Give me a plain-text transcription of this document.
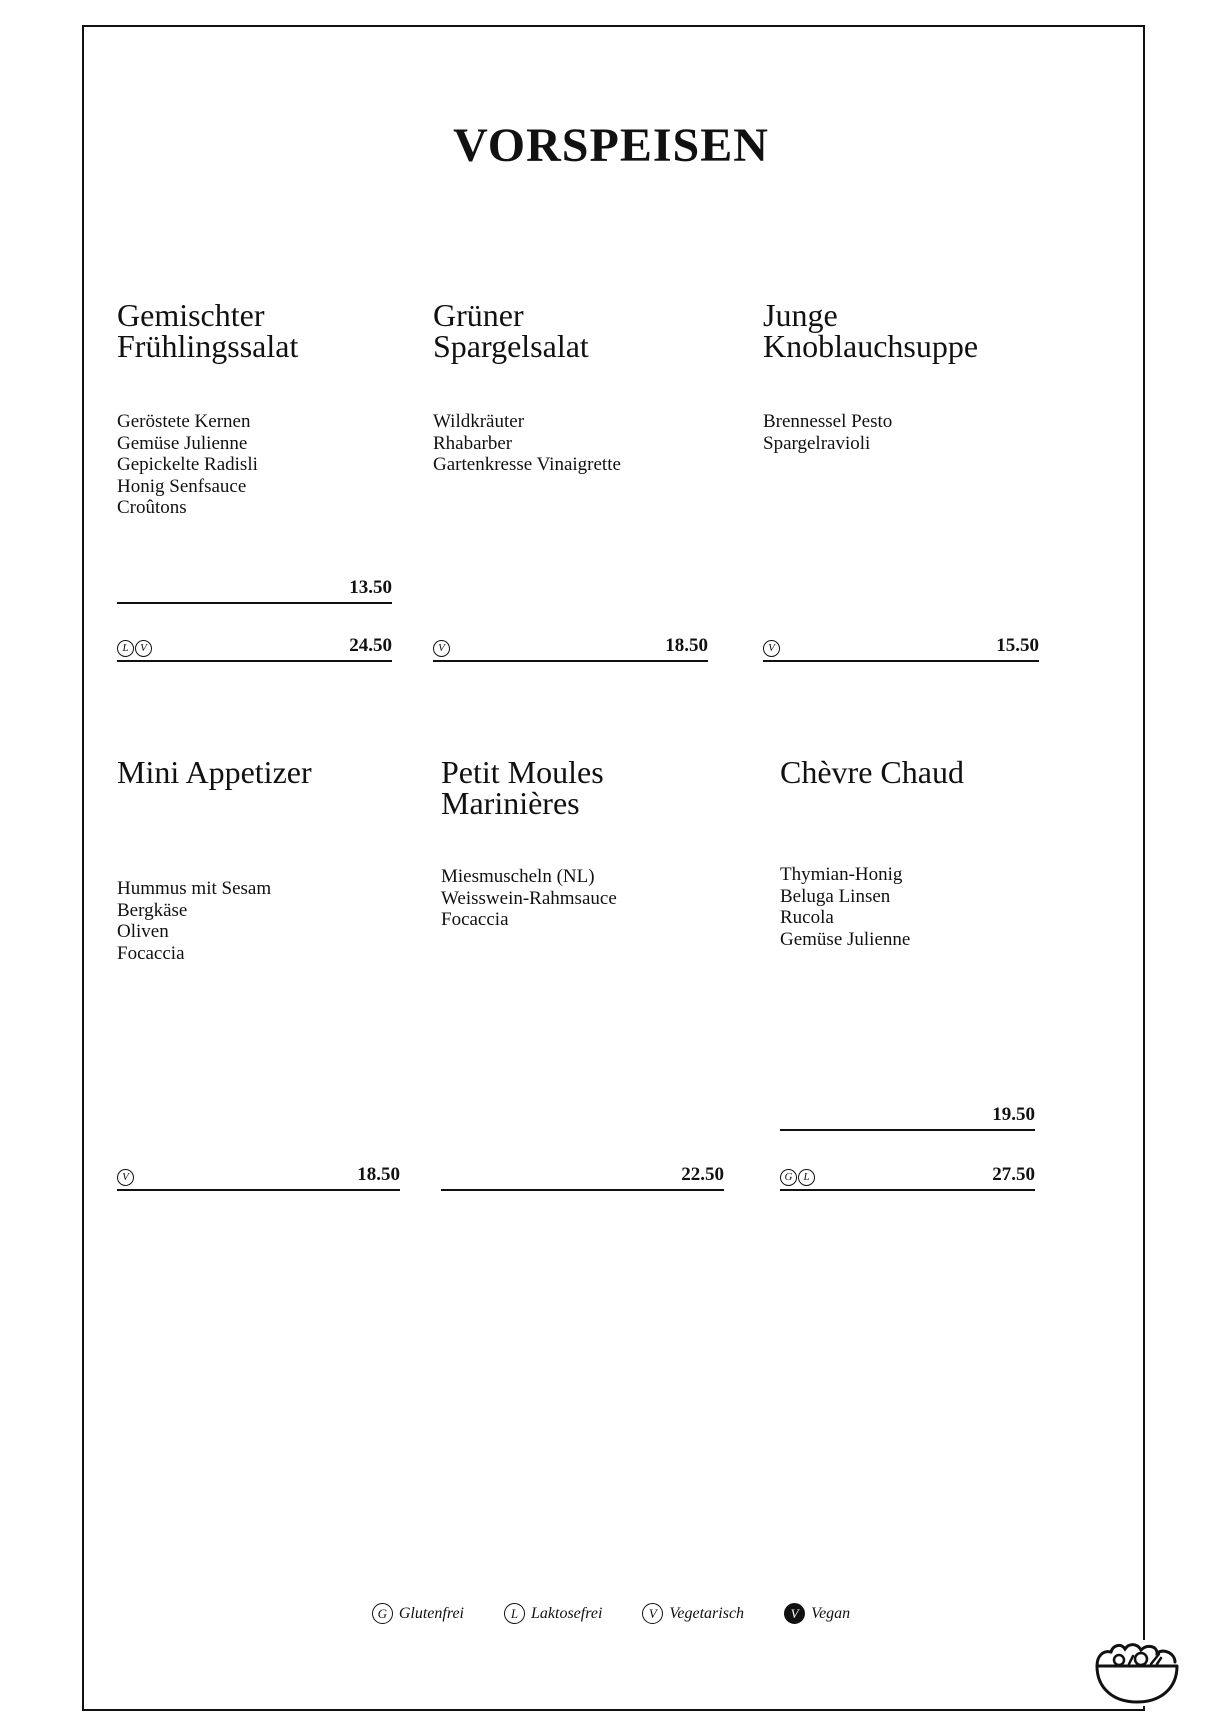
VORSPEISEN
Gemischter
Frühlingssalat
Geröstete Kernen
Gemüse Julienne
Gepickelte Radisli
Honig Senfsauce
Croûtons
13.50
L	V	24.50
Grüner
Spargelsalat
Wildkräuter
Rhabarber
Gartenkresse Vinaigrette
V	18.50
Junge
Knoblauchsuppe
Brennessel Pesto
Spargelravioli
V	15.50
Mini Appetizer
Hummus mit Sesam
Bergkäse
Oliven
Focaccia
V	18.50
Petit Moules
Marinières
Miesmuscheln (NL)
Weisswein-Rahmsauce
Focaccia
22.50
Chèvre Chaud
Thymian-Honig
Beluga Linsen
Rucola
Gemüse Julienne
19.50
G L	27.50
G Glutenfrei	L Laktosefrei	V Vegetarisch	V Vegan
